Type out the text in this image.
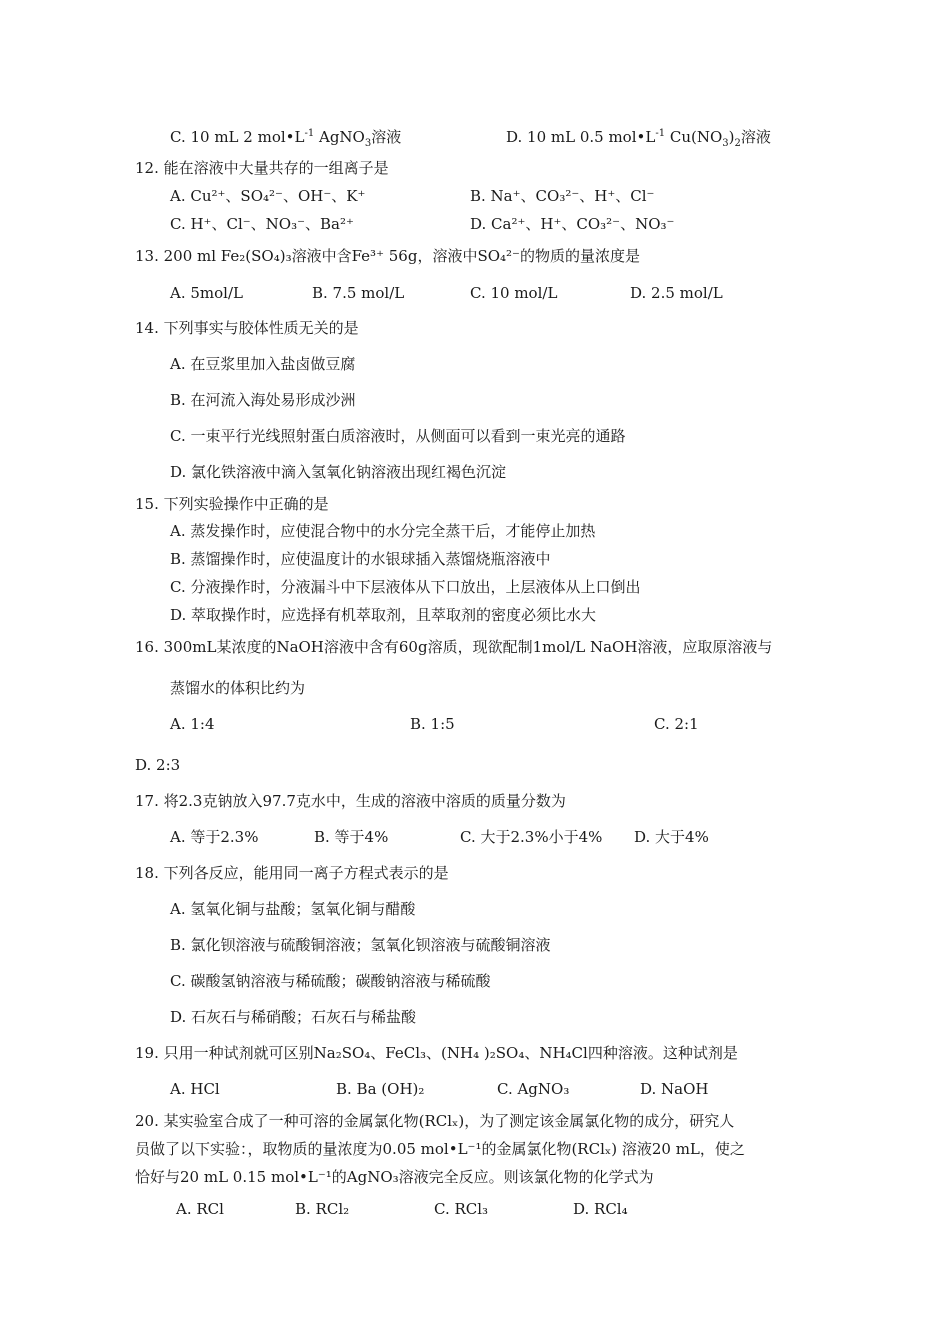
C. 10 mL 2 $mol•L^{-1}$ AgNO$_3$溶液	D. 10 mL 0.5 $mol•L^{-1}$ $Cu(NO_3)_2$溶液
12. 能在溶液中大量共存的一组离子是
A. Cu²⁺、SO₄²⁻、OH⁻、K⁺	B. Na⁺、CO₃²⁻、H⁺、Cl⁻
C. H⁺、Cl⁻、NO₃⁻、Ba²⁺	D. Ca²⁺、H⁺、CO₃²⁻、NO₃⁻
13. 200 ml Fe₂(SO₄)₃溶液中含Fe³⁺ 56g，溶液中SO₄²⁻的物质的量浓度是
A. 5mol/L	B. 7.5 mol/L	C. 10 mol/L	D. 2.5 mol/L
14. 下列事实与胶体性质无关的是
A. 在豆浆里加入盐卤做豆腐
B. 在河流入海处易形成沙洲
C. 一束平行光线照射蛋白质溶液时，从侧面可以看到一束光亮的通路
D. 氯化铁溶液中滴入氢氧化钠溶液出现红褐色沉淀
15. 下列实验操作中正确的是
A. 蒸发操作时，应使混合物中的水分完全蒸干后，才能停止加热
B. 蒸馏操作时，应使温度计的水银球插入蒸馏烧瓶溶液中
C. 分液操作时，分液漏斗中下层液体从下口放出，上层液体从上口倒出
D. 萃取操作时，应选择有机萃取剂，且萃取剂的密度必须比水大
16. 300mL某浓度的NaOH溶液中含有60g溶质，现欲配制1mol/L NaOH溶液，应取原溶液与
蒸馏水的体积比约为
A. 1:4	B. 1:5	C. 2:1
D. 2:3
17. 将2.3克钠放入97.7克水中，生成的溶液中溶质的质量分数为
A. 等于2.3%	B. 等于4%	C. 大于2.3%小于4% D. 大于4%
18. 下列各反应，能用同一离子方程式表示的是
A. 氢氧化铜与盐酸；氢氧化铜与醋酸
B. 氯化钡溶液与硫酸铜溶液；氢氧化钡溶液与硫酸铜溶液
C. 碳酸氢钠溶液与稀硫酸；碳酸钠溶液与稀硫酸
D. 石灰石与稀硝酸；石灰石与稀盐酸
19. 只用一种试剂就可区别Na₂SO₄、FeCl₃、(NH₄ )₂SO₄、NH₄Cl四种溶液。这种试剂是
A. HCl	B. Ba (OH)₂	C. AgNO₃	D. NaOH
20. 某实验室合成了一种可溶的金属氯化物(RClₓ)，为了测定该金属氯化物的成分，研究人
员做了以下实验：，取物质的量浓度为0.05 mol•L⁻¹的金属氯化物(RClₓ) 溶液20 mL，使之
恰好与20 mL 0.15 mol•L⁻¹的AgNO₃溶液完全反应。则该氯化物的化学式为
A. RCl	B. RCl₂	C. RCl₃	D. RCl₄
